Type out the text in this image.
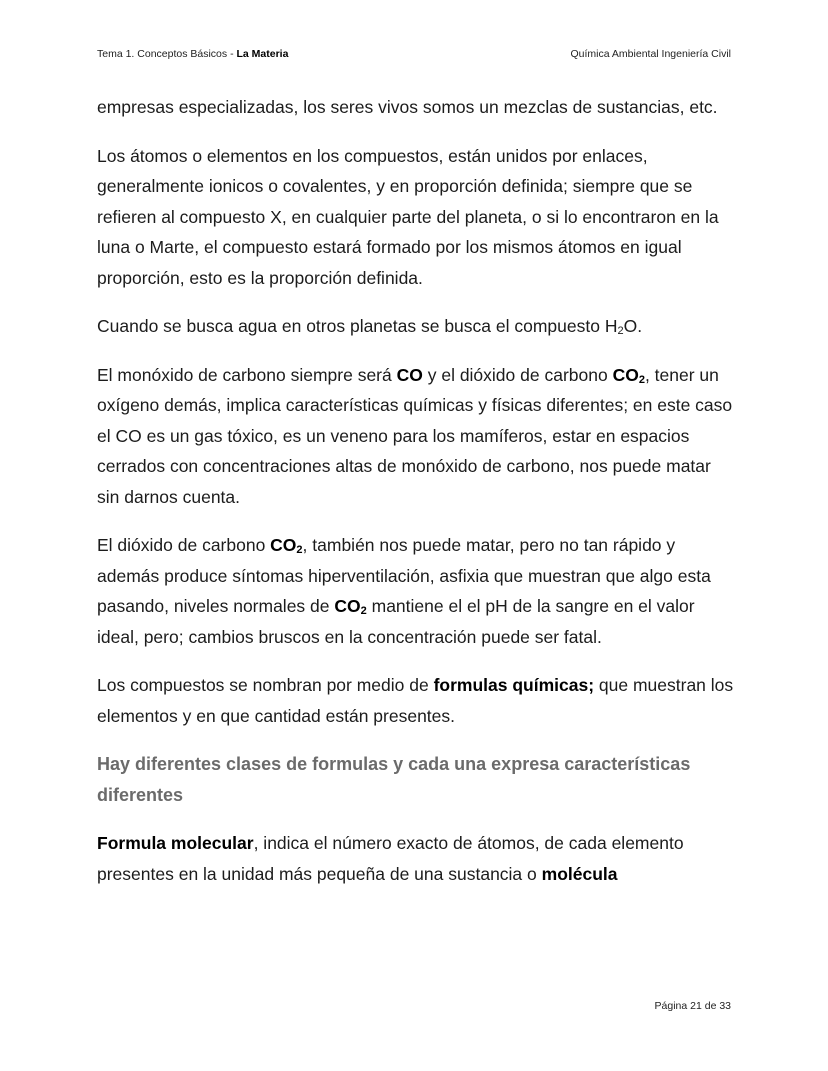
Tema 1. Conceptos Básicos - La Materia	Química Ambiental Ingeniería Civil

empresas especializadas, los seres vivos somos un mezclas de sustancias, etc.

Los átomos o elementos en los compuestos, están unidos por enlaces, generalmente ionicos o covalentes, y en proporción definida; siempre que se refieren al compuesto X, en cualquier parte del planeta, o si lo encontraron en la luna o Marte, el compuesto estará formado por los mismos átomos en igual proporción, esto es la proporción definida.

Cuando se busca agua en otros planetas se busca el compuesto $H_2O$.

El monóxido de carbono siempre será CO y el dióxido de carbono $CO_2$, tener un oxígeno demás, implica características químicas y físicas diferentes; en este caso el CO es un gas tóxico, es un veneno para los mamíferos, estar en espacios cerrados con concentraciones altas de monóxido de carbono, nos puede matar sin darnos cuenta.

El dióxido de carbono $CO_2$, también nos puede matar, pero no tan rápido y además produce síntomas hiperventilación, asfixia que muestran que algo esta pasando, niveles normales de $CO_2$ mantiene el el pH de la sangre en el valor ideal, pero; cambios bruscos en la concentración puede ser fatal.

Los compuestos se nombran por medio de formulas químicas; que muestran los elementos y en que cantidad están presentes.

Hay diferentes clases de formulas y cada una expresa características diferentes

Formula molecular, indica el número exacto de átomos, de cada elemento presentes en la unidad más pequeña de una sustancia o molécula

Página 21 de 33
